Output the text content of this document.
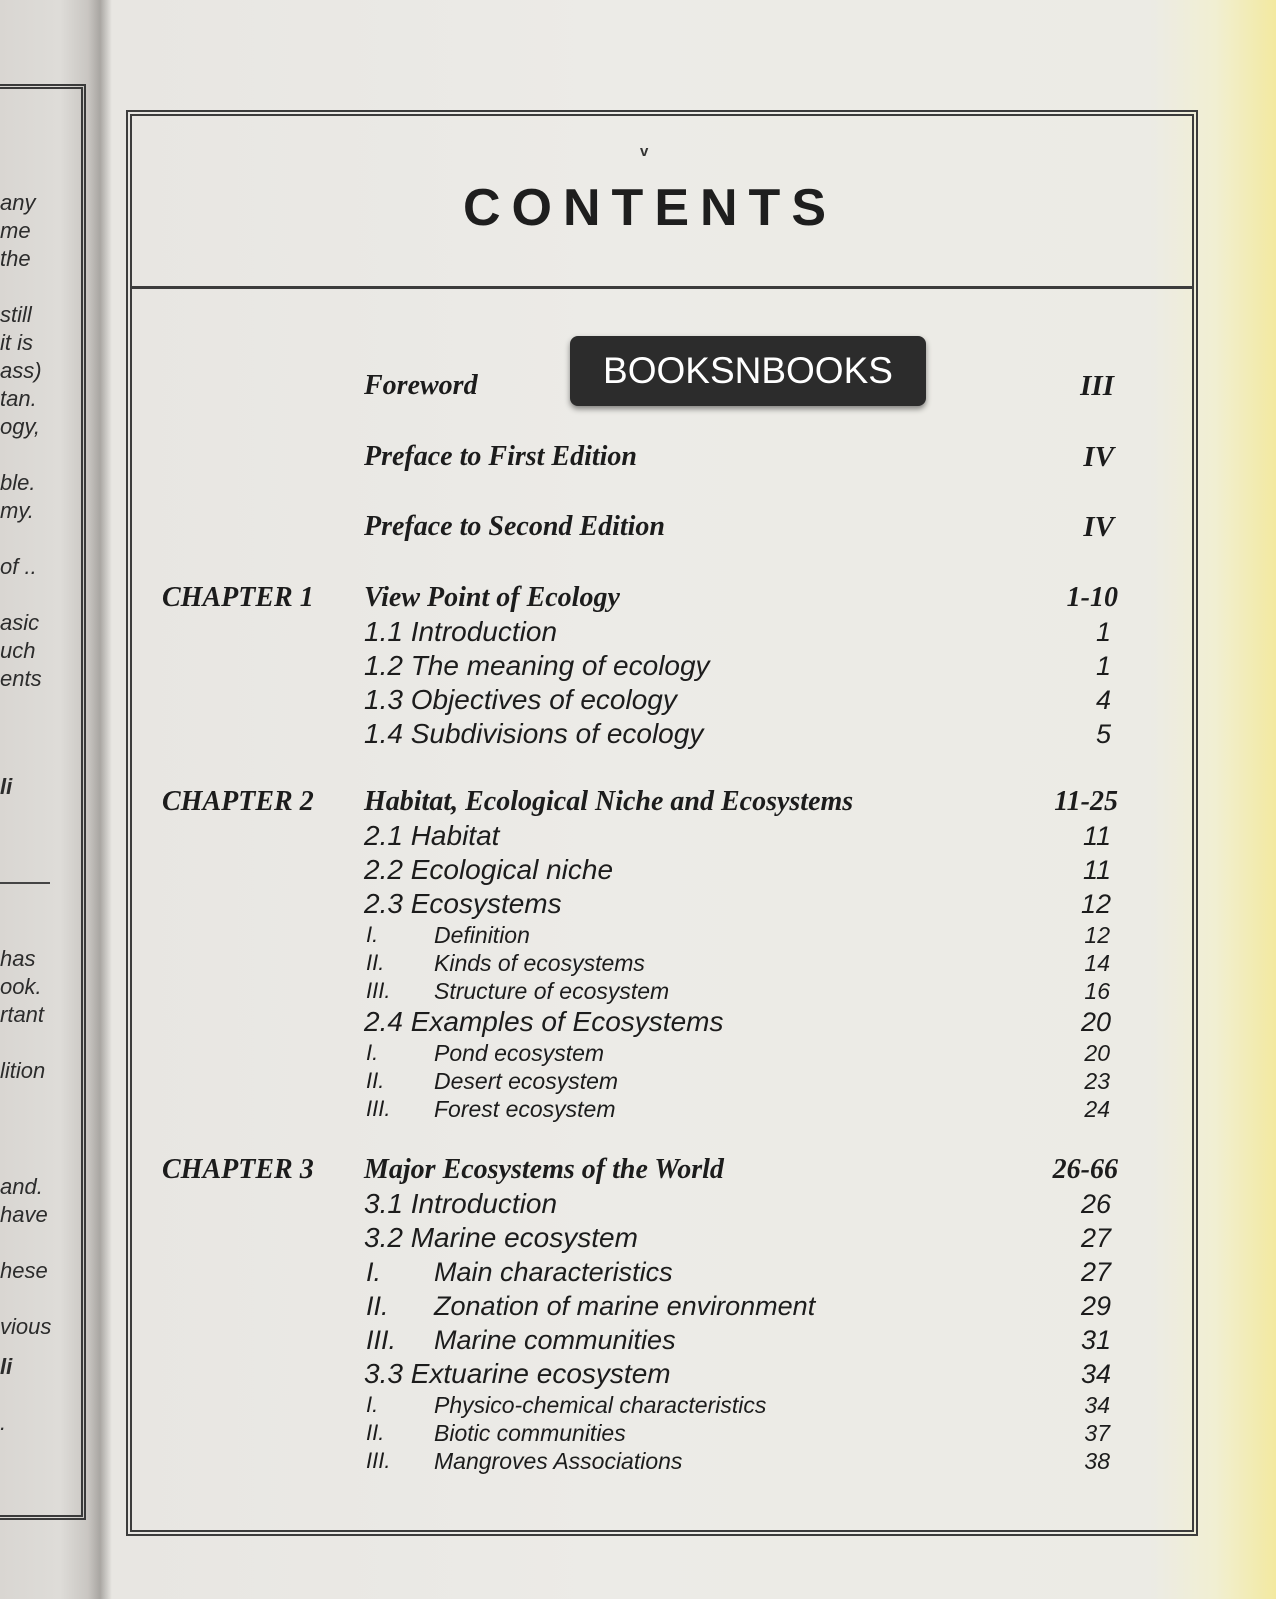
any
me
the
still
it is
ass)
tan.
ogy,
ble.
my.
of ..
asic
uch
ents
li
has
ook.
rtant
lition
and.
have
hese
vious
li
.
v
CONTENTS
Foreword	III
Preface to First Edition	IV
Preface to Second Edition	IV
CHAPTER 1 View Point of Ecology	1-10
1.1 Introduction	1
1.2 The meaning of ecology	1
1.3 Objectives of ecology	4
1.4 Subdivisions of ecology	5
CHAPTER 2 Habitat, Ecological Niche and Ecosystems	11-25
2.1 Habitat	11
2.2 Ecological niche	11
2.3 Ecosystems	12
I. Definition	12
II. Kinds of ecosystems	14
III. Structure of ecosystem	16
2.4 Examples of Ecosystems	20
I. Pond ecosystem	20
II. Desert ecosystem	23
III. Forest ecosystem	24
CHAPTER 3 Major Ecosystems of the World	26-66
3.1 Introduction	26
3.2 Marine ecosystem	27
I. Main characteristics	27
II. Zonation of marine environment	29
III. Marine communities	31
3.3 Extuarine ecosystem	34
I. Physico-chemical characteristics	34
II. Biotic communities	37
III. Mangroves Associations	38
BOOKSNBOOKS
